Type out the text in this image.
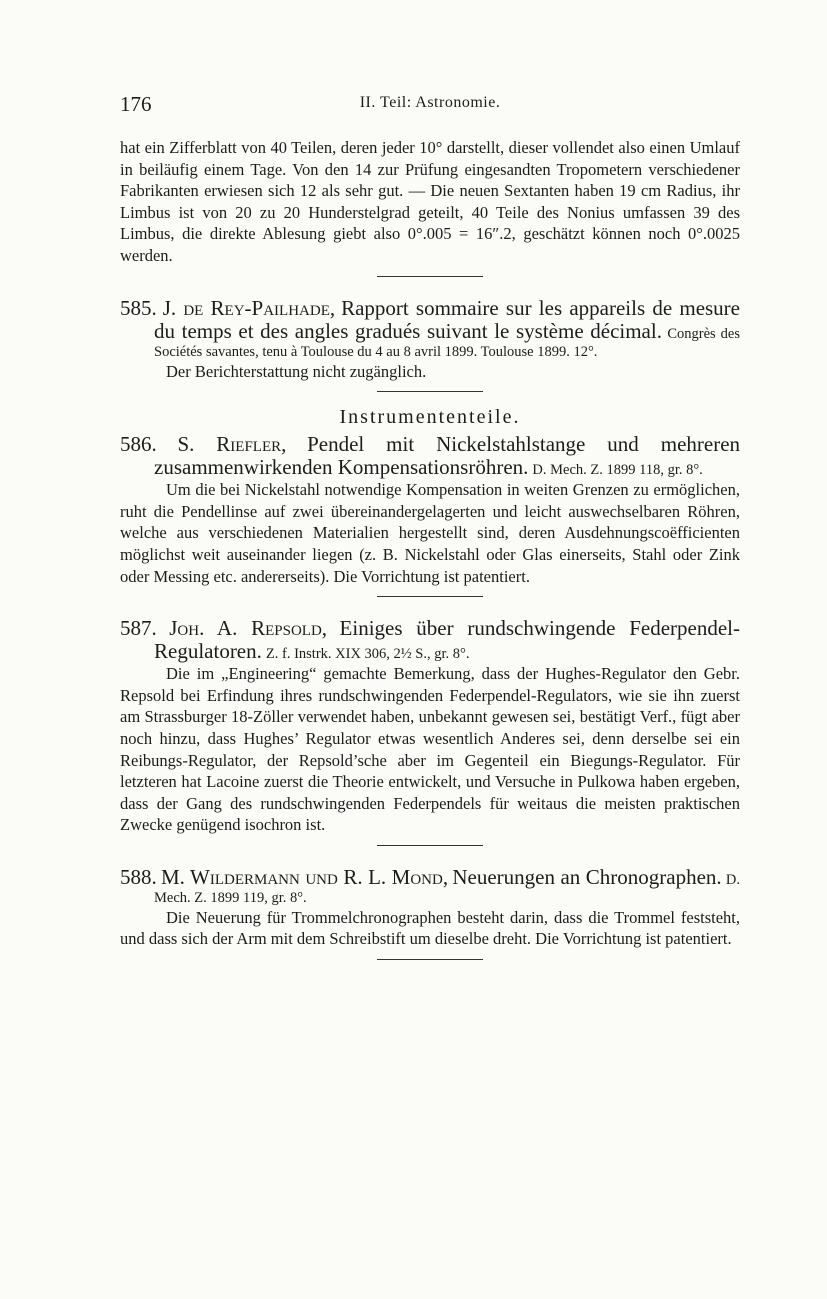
176	II. Teil: Astronomie.

hat ein Zifferblatt von 40 Teilen, deren jeder 10° darstellt, dieser vollendet also einen Umlauf in beiläufig einem Tage. Von den 14 zur Prüfung eingesandten Tropometern verschiedener Fabrikanten erwiesen sich 12 als sehr gut. — Die neuen Sextanten haben 19 cm Radius, ihr Limbus ist von 20 zu 20 Hunderstelgrad geteilt, 40 Teile des Nonius umfassen 39 des Limbus, die direkte Ablesung giebt also 0°.005 = 16″.2, geschätzt können noch 0°.0025 werden.

585. J. de Rey-Pailhade, Rapport sommaire sur les appareils de mesure du temps et des angles gradués suivant le système décimal. Congrès des Sociétés savantes, tenu à Toulouse du 4 au 8 avril 1899. Toulouse 1899. 12°.

Der Berichterstattung nicht zugänglich.

Instrumententeile.

586. S. Riefler, Pendel mit Nickelstahlstange und mehreren zusammenwirkenden Kompensationsröhren. D. Mech. Z. 1899 118, gr. 8°.

Um die bei Nickelstahl notwendige Kompensation in weiten Grenzen zu ermöglichen, ruht die Pendellinse auf zwei übereinandergelagerten und leicht auswechselbaren Röhren, welche aus verschiedenen Materialien hergestellt sind, deren Ausdehnungscoëfficienten möglichst weit auseinander liegen (z. B. Nickelstahl oder Glas einerseits, Stahl oder Zink oder Messing etc. andererseits). Die Vorrichtung ist patentiert.

587. Joh. A. Repsold, Einiges über rundschwingende Federpendel-Regulatoren. Z. f. Instrk. XIX 306, 2½ S., gr. 8°.

Die im „Engineering“ gemachte Bemerkung, dass der Hughes-Regulator den Gebr. Repsold bei Erfindung ihres rundschwingenden Federpendel-Regulators, wie sie ihn zuerst am Strassburger 18-Zöller verwendet haben, unbekannt gewesen sei, bestätigt Verf., fügt aber noch hinzu, dass Hughes’ Regulator etwas wesentlich Anderes sei, denn derselbe sei ein Reibungs-Regulator, der Repsold’sche aber im Gegenteil ein Biegungs-Regulator. Für letzteren hat Lacoine zuerst die Theorie entwickelt, und Versuche in Pulkowa haben ergeben, dass der Gang des rundschwingenden Federpendels für weitaus die meisten praktischen Zwecke genügend isochron ist.

588. M. Wildermann und R. L. Mond, Neuerungen an Chronographen. D. Mech. Z. 1899 119, gr. 8°.

Die Neuerung für Trommelchronographen besteht darin, dass die Trommel feststeht, und dass sich der Arm mit dem Schreibstift um dieselbe dreht. Die Vorrichtung ist patentiert.
